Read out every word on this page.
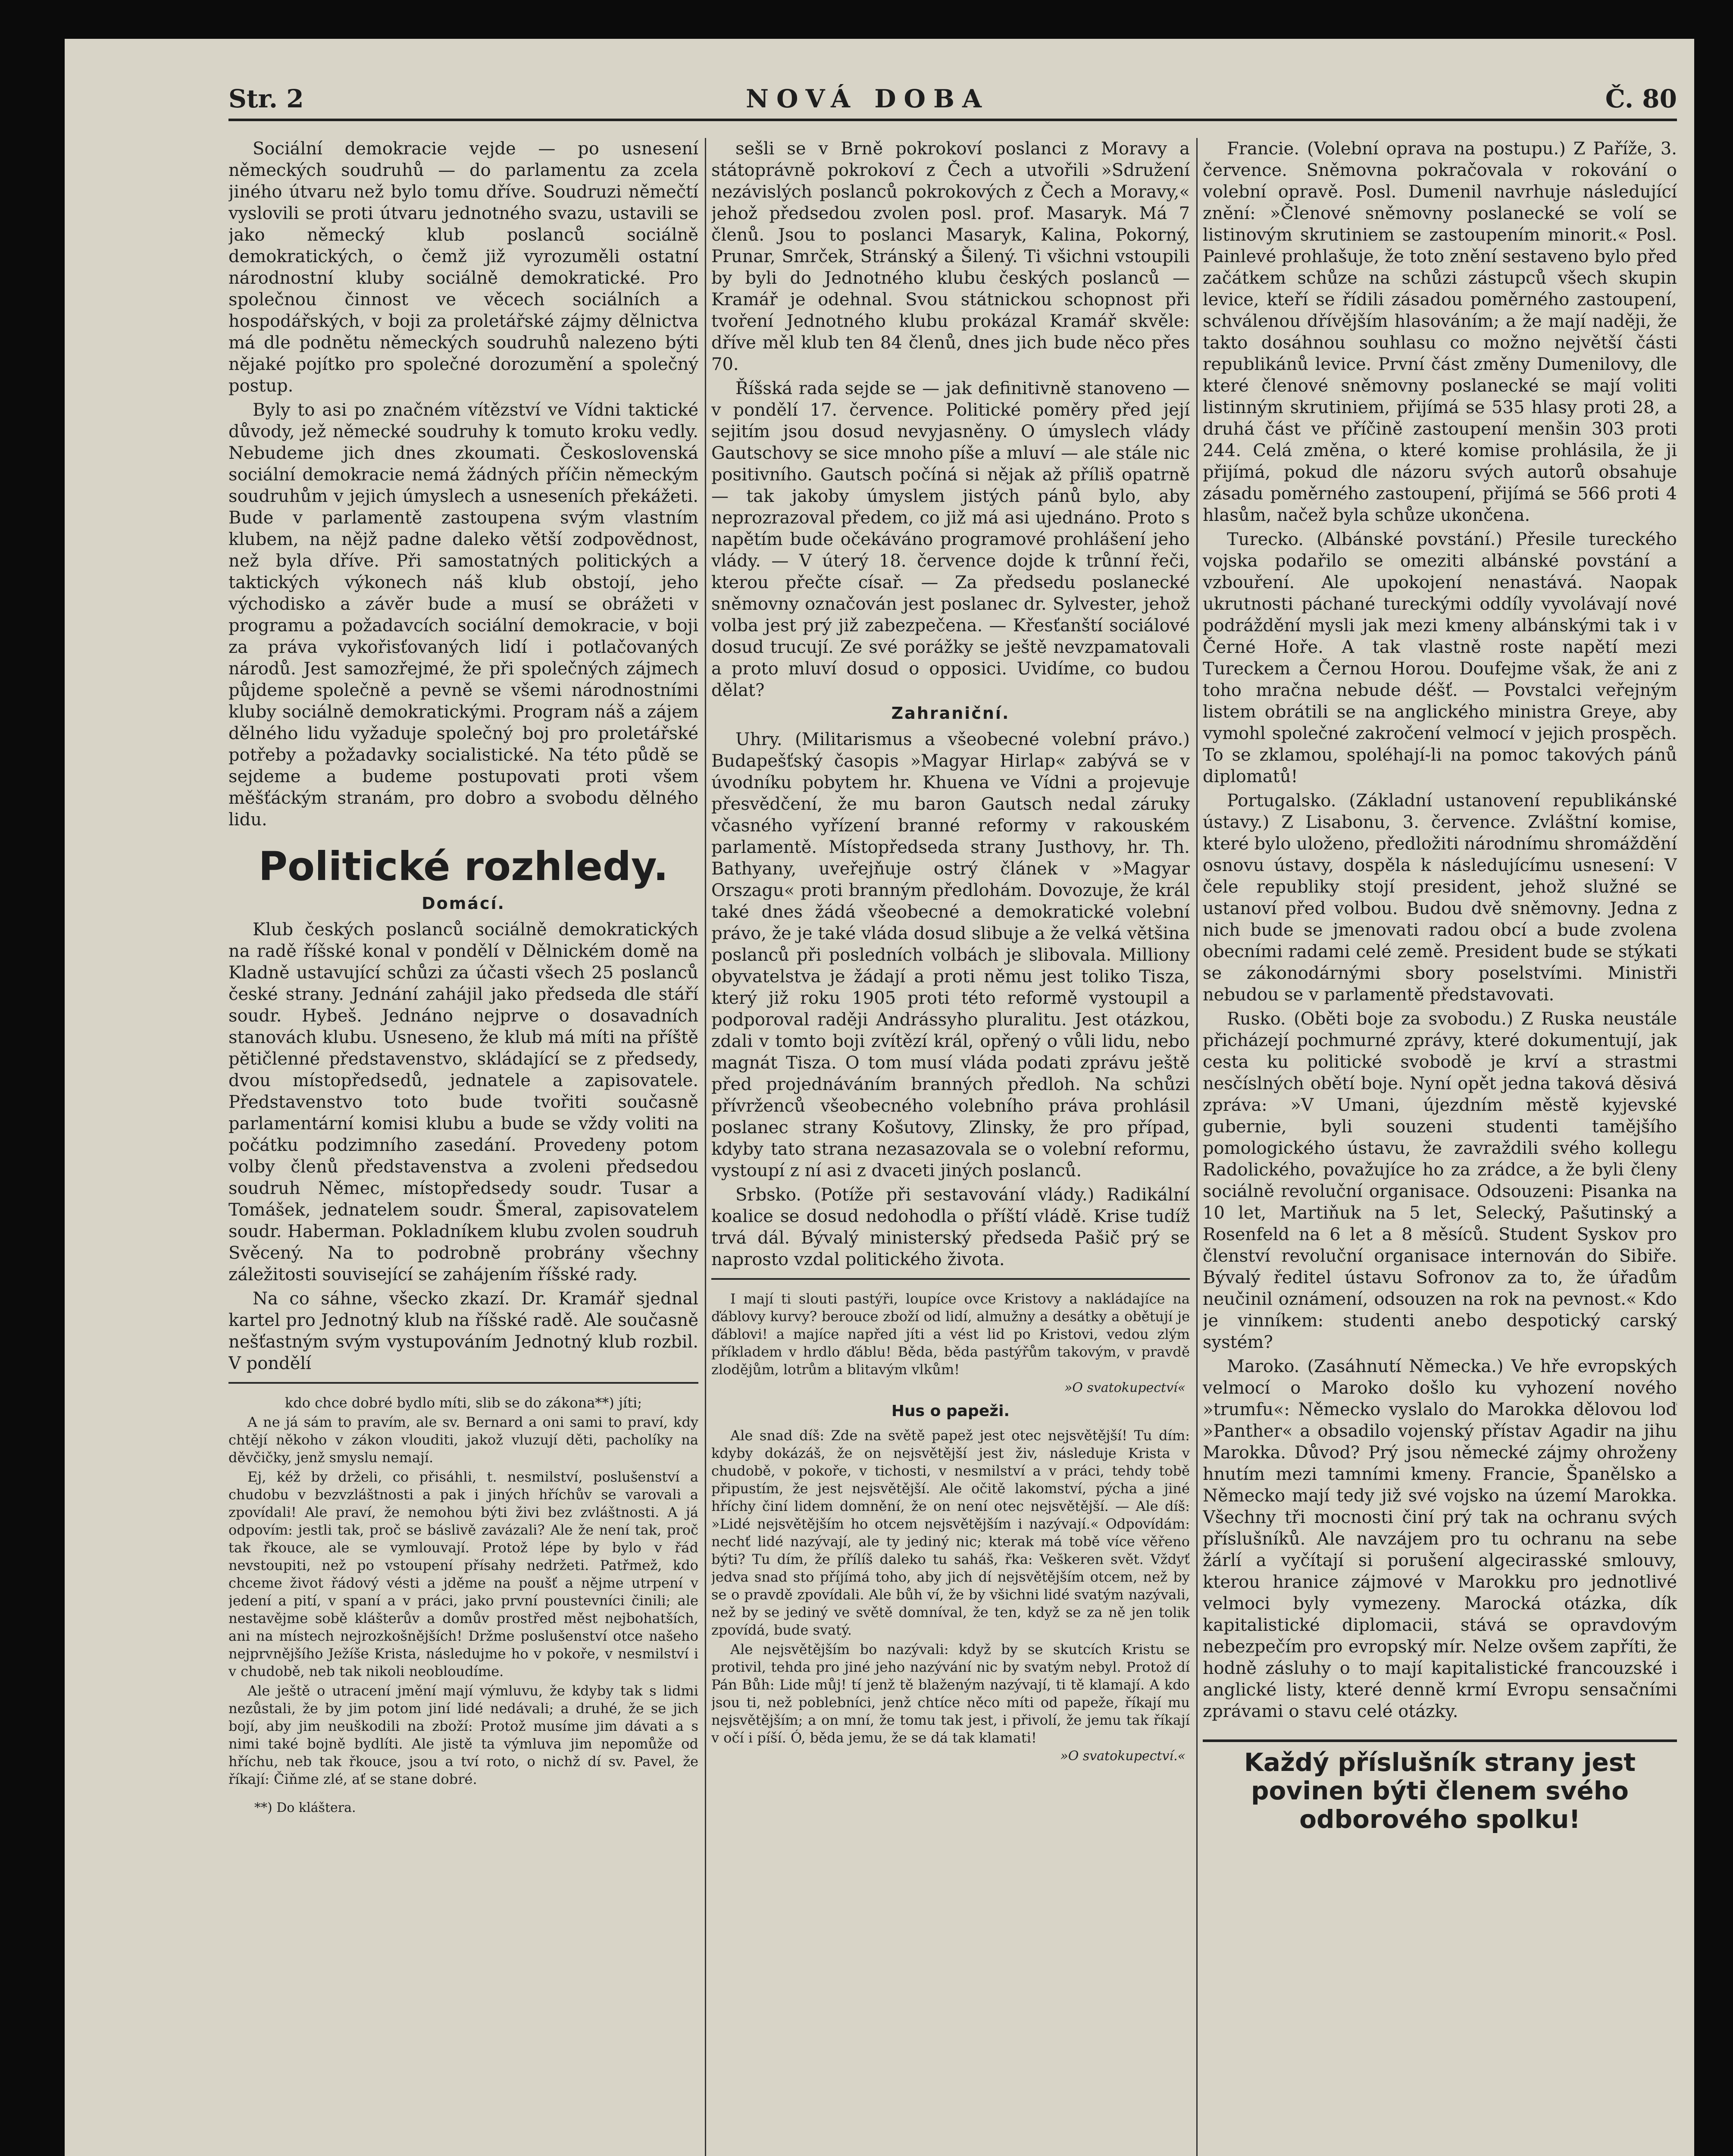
Str. 2	NOVÁ DOBA	Č. 80

Sociální demokracie vejde — po usnesení německých soudruhů — do parlamentu za zcela jiného útvaru než bylo tomu dříve. Soudruzi němečtí vyslovili se proti útvaru jednotného svazu, ustavili se jako německý klub poslanců sociálně demokratických, o čemž již vyrozuměli ostatní národnostní kluby sociálně demokratické. Pro společnou činnost ve věcech sociálních a hospodářských, v boji za proletářské zájmy dělnictva má dle podnětu německých soudruhů nalezeno býti nějaké pojítko pro společné dorozumění a společný postup.

Byly to asi po značném vítězství ve Vídni taktické důvody, jež německé soudruhy k tomuto kroku vedly. Nebudeme jich dnes zkoumati. Československá sociální demokracie nemá žádných příčin německým soudruhům v jejich úmyslech a usneseních překážeti. Bude v parlamentě zastoupena svým vlastním klubem, na nějž padne daleko větší zodpovědnost, než byla dříve. Při samostatných politických a taktických výkonech náš klub obstojí, jeho východisko a závěr bude a musí se obrážeti v programu a požadavcích sociální demokracie, v boji za práva vykořisťovaných lidí i potlačovaných národů. Jest samozřejmé, že při společných zájmech půjdeme společně a pevně se všemi národnostními kluby sociálně demokratickými. Program náš a zájem dělného lidu vyžaduje společný boj pro proletářské potřeby a požadavky socialistické. Na této půdě se sejdeme a budeme postupovati proti všem měšťáckým stranám, pro dobro a svobodu dělného lidu.

Politické rozhledy.
Domácí.

Klub českých poslanců sociálně demokratických na radě říšské konal v pondělí v Dělnickém domě na Kladně ustavující schůzi za účasti všech 25 poslanců české strany. Jednání zahájil jako předseda dle stáří soudr. Hybeš. Jednáno nejprve o dosavadních stanovách klubu. Usneseno, že klub má míti na příště pětičlenné představenstvo, skládající se z předsedy, dvou místopředsedů, jednatele a zapisovatele. Představenstvo toto bude tvořiti současně parlamentární komisi klubu a bude se vždy voliti na počátku podzimního zasedání. Provedeny potom volby členů představenstva a zvoleni předsedou soudruh Němec, místopředsedy soudr. Tusar a Tomášek, jednatelem soudr. Šmeral, zapisovatelem soudr. Haberman. Pokladníkem klubu zvolen soudruh Svěcený. Na to podrobně probrány všechny záležitosti související se zahájením říšské rady.

Na co sáhne, všecko zkazí. Dr. Kramář sjednal kartel pro Jednotný klub na říšské radě. Ale současně nešťastným svým vystupováním Jednotný klub rozbil. V pondělí

kdo chce dobré bydlo míti, slib se do zákona**) jíti;

A ne já sám to pravím, ale sv. Bernard a oni sami to praví, kdy chtějí někoho v zákon vlouditi, jakož vluzují děti, pacholíky na děvčičky, jenž smyslu nemají.

Ej, kéž by drželi, co přisáhli, t. nesmilství, poslušenství a chudobu v bezvzláštnosti a pak i jiných hříchův se varovali a zpovídali! Ale praví, že nemohou býti živi bez zvláštnosti. A já odpovím: jestli tak, proč se báslivě zavázali? Ale že není tak, proč tak řkouce, ale se vymlouvají. Protož lépe by bylo v řád nevstoupiti, než po vstoupení přísahy nedržeti. Patřmež, kdo chceme život řádový vésti a jděme na poušť a nějme utrpení v jedení a pití, v spaní a v práci, jako první poustevníci činili; ale nestavějme sobě klášterův a domův prostřed měst nejbohatších, ani na místech nejrozkošnějších! Držme poslušenství otce našeho nejprvnějšího Ježíše Krista, následujme ho v pokoře, v nesmilství i v chudobě, neb tak nikoli neobloudíme.

Ale ještě o utracení jmění mají výmluvu, že kdyby tak s lidmi nezůstali, že by jim potom jiní lidé nedávali; a druhé, že se jich bojí, aby jim neuškodili na zboží: Protož musíme jim dávati a s nimi také bojně bydlíti. Ale jistě ta výmluva jim nepomůže od hříchu, neb tak řkouce, jsou a tví roto, o nichž dí sv. Pavel, že říkají: Čiňme zlé, ať se stane dobré.

**) Do kláštera.

sešli se v Brně pokrokoví poslanci z Moravy a státoprávně pokrokoví z Čech a utvořili »Sdružení nezávislých poslanců pokrokových z Čech a Moravy,« jehož předsedou zvolen posl. prof. Masaryk. Má 7 členů. Jsou to poslanci Masaryk, Kalina, Pokorný, Prunar, Smrček, Stránský a Šilený. Ti všichni vstoupili by byli do Jednotného klubu českých poslanců — Kramář je odehnal. Svou státnickou schopnost při tvoření Jednotného klubu prokázal Kramář skvěle: dříve měl klub ten 84 členů, dnes jich bude něco přes 70.

Říšská rada sejde se — jak definitivně stanoveno — v pondělí 17. července. Politické poměry před její sejitím jsou dosud nevyjasněny. O úmyslech vlády Gautschovy se sice mnoho píše a mluví — ale stále nic positivního. Gautsch počíná si nějak až příliš opatrně — tak jakoby úmyslem jistých pánů bylo, aby neprozrazoval předem, co již má asi ujednáno. Proto s napětím bude očekáváno programové prohlášení jeho vlády. — V úterý 18. července dojde k trůnní řeči, kterou přečte císař. — Za předsedu poslanecké sněmovny označován jest poslanec dr. Sylvester, jehož volba jest prý již zabezpečena. — Křesťanští sociálové dosud trucují. Ze své porážky se ještě nevzpamatovali a proto mluví dosud o opposici. Uvidíme, co budou dělat?

Zahraniční.

Uhry. (Militarismus a všeobecné volební právo.) Budapešťský časopis »Magyar Hirlap« zabývá se v úvodníku pobytem hr. Khuena ve Vídni a projevuje přesvědčení, že mu baron Gautsch nedal záruky včasného vyřízení branné reformy v rakouském parlamentě. Místopředseda strany Justhovy, hr. Th. Bathyany, uveřejňuje ostrý článek v »Magyar Orszagu« proti branným předlohám. Dovozuje, že král také dnes žádá všeobecné a demokratické volební právo, že je také vláda dosud slibuje a že velká většina poslanců při posledních volbách je slibovala. Milliony obyvatelstva je žádají a proti němu jest toliko Tisza, který již roku 1905 proti této reformě vystoupil a podporoval raději Andrássyho pluralitu. Jest otázkou, zdali v tomto boji zvítězí král, opřený o vůli lidu, nebo magnát Tisza. O tom musí vláda podati zprávu ještě před projednáváním branných předloh. Na schůzi přívrženců všeobecného volebního práva prohlásil poslanec strany Košutovy, Zlinsky, že pro případ, kdyby tato strana nezasazovala se o volební reformu, vystoupí z ní asi z dvaceti jiných poslanců.

Srbsko. (Potíže při sestavování vlády.) Radikální koalice se dosud nedohodla o příští vládě. Krise tudíž trvá dál. Bývalý ministerský předseda Pašič prý se naprosto vzdal politického života.

I mají ti slouti pastýři, loupíce ovce Kristovy a nakládajíce na ďáblovy kurvy? berouce zboží od lidí, almužny a desátky a obětují je ďáblovi! a majíce napřed jíti a vést lid po Kristovi, vedou zlým příkladem v hrdlo ďáblu! Běda, běda pastýřům takovým, v pravdě zlodějům, lotrům a blitavým vlkům!

»O svatokupectví«
Hus o papeži.

Ale snad díš: Zde na světě papež jest otec nejsvětější! Tu dím: kdyby dokázáš, že on nejsvětější jest živ, následuje Krista v chudobě, v pokoře, v tichosti, v nesmilství a v práci, tehdy tobě připustím, že jest nejsvětější. Ale očitě lakomství, pýcha a jiné hříchy činí lidem domnění, že on není otec nejsvětější. — Ale díš: »Lidé nejsvětějším ho otcem nejsvětějším i nazývají.« Odpovídám: nechť lidé nazývají, ale ty jediný nic; kterak má tobě více věřeno býti? Tu dím, že přílíš daleko tu saháš, řka: Veškeren svět. Vždyť jedva snad sto příjímá toho, aby jich dí nejsvětějším otcem, než by se o pravdě zpovídali. Ale bůh ví, že by všichni lidé svatým nazývali, než by se jediný ve světě domníval, že ten, když se za ně jen tolik zpovídá, bude svatý.

Ale nejsvětějším bo nazývali: když by se skutcích Kristu se protivil, tehda pro jiné jeho nazývání nic by svatým nebyl. Protož dí Pán Bůh: Lide můj! tí jenž tě blaženým nazývají, ti tě klamají. A kdo jsou ti, než poblebníci, jenž chtíce něco míti od papeže, říkají mu nejsvětějším; a on mní, že tomu tak jest, i přivolí, že jemu tak říkají v očí i píší. Ó, běda jemu, že se dá tak klamati!

»O svatokupectví.«

Francie. (Volební oprava na postupu.) Z Paříže, 3. července. Sněmovna pokračovala v rokování o volební opravě. Posl. Dumenil navrhuje následující znění: »Členové sněmovny poslanecké se volí se listinovým skrutiniem se zastoupením minorit.« Posl. Painlevé prohlašuje, že toto znění sestaveno bylo před začátkem schůze na schůzi zástupců všech skupin levice, kteří se řídili zásadou poměrného zastoupení, schválenou dřívějším hlasováním; a že mají naději, že takto dosáhnou souhlasu co možno největší části republikánů levice. První část změny Dumenilovy, dle které členové sněmovny poslanecké se mají voliti listinným skrutiniem, přijímá se 535 hlasy proti 28, a druhá část ve příčině zastoupení menšin 303 proti 244. Celá změna, o které komise prohlásila, že ji přijímá, pokud dle názoru svých autorů obsahuje zásadu poměrného zastoupení, přijímá se 566 proti 4 hlasům, načež byla schůze ukončena.

Turecko. (Albánské povstání.) Přesile tureckého vojska podařilo se omeziti albánské povstání a vzbouření. Ale upokojení nenastává. Naopak ukrutnosti páchané tureckými oddíly vyvolávají nové podráždění mysli jak mezi kmeny albánskými tak i v Černé Hoře. A tak vlastně roste napětí mezi Tureckem a Černou Horou. Doufejme však, že ani z toho mračna nebude déšť. — Povstalci veřejným listem obrátili se na anglického ministra Greye, aby vymohl společné zakročení velmocí v jejich prospěch. To se zklamou, spoléhají-li na pomoc takových pánů diplomatů!

Portugalsko. (Základní ustanovení republikánské ústavy.) Z Lisabonu, 3. července. Zvláštní komise, které bylo uloženo, předložiti národnímu shromáždění osnovu ústavy, dospěla k následujícímu usnesení: V čele republiky stojí president, jehož služné se ustanoví před volbou. Budou dvě sněmovny. Jedna z nich bude se jmenovati radou obcí a bude zvolena obecními radami celé země. President bude se stýkati se zákonodárnými sbory poselstvími. Ministři nebudou se v parlamentě představovati.

Rusko. (Oběti boje za svobodu.) Z Ruska neustále přicházejí pochmurné zprávy, které dokumentují, jak cesta ku politické svobodě je krví a strastmi nesčíslných obětí boje. Nyní opět jedna taková děsivá zpráva: »V Umani, újezdním městě kyjevské gubernie, byli souzeni studenti tamějšího pomologického ústavu, že zavraždili svého kollegu Radolického, považujíce ho za zrádce, a že byli členy sociálně revoluční organisace. Odsouzeni: Pisanka na 10 let, Martiňuk na 5 let, Selecký, Pašutinský a Rosenfeld na 6 let a 8 měsíců. Student Syskov pro členství revoluční organisace internován do Sibiře. Bývalý ředitel ústavu Sofronov za to, že úřadům neučinil oznámení, odsouzen na rok na pevnost.« Kdo je vinníkem: studenti anebo despotický carský systém?

Maroko. (Zasáhnutí Německa.) Ve hře evropských velmocí o Maroko došlo ku vyhození nového »trumfu«: Německo vyslalo do Marokka dělovou loď »Panther« a obsadilo vojenský přístav Agadir na jihu Marokka. Důvod? Prý jsou německé zájmy ohroženy hnutím mezi tamními kmeny. Francie, Španělsko a Německo mají tedy již své vojsko na území Marokka. Všechny tři mocnosti činí prý tak na ochranu svých příslušníků. Ale navzájem pro tu ochranu na sebe žárlí a vyčítají si porušení algecirasské smlouvy, kterou hranice zájmové v Marokku pro jednotlivé velmoci byly vymezeny. Marocká otázka, dík kapitalistické diplomacii, stává se opravdovým nebezpečím pro evropský mír. Nelze ovšem zapříti, že hodně zásluhy o to mají kapitalistické francouzské i anglické listy, které denně krmí Evropu sensačními zprávami o stavu celé otázky.

Každý příslušník strany jest povinen býti členem svého odborového spolku!
